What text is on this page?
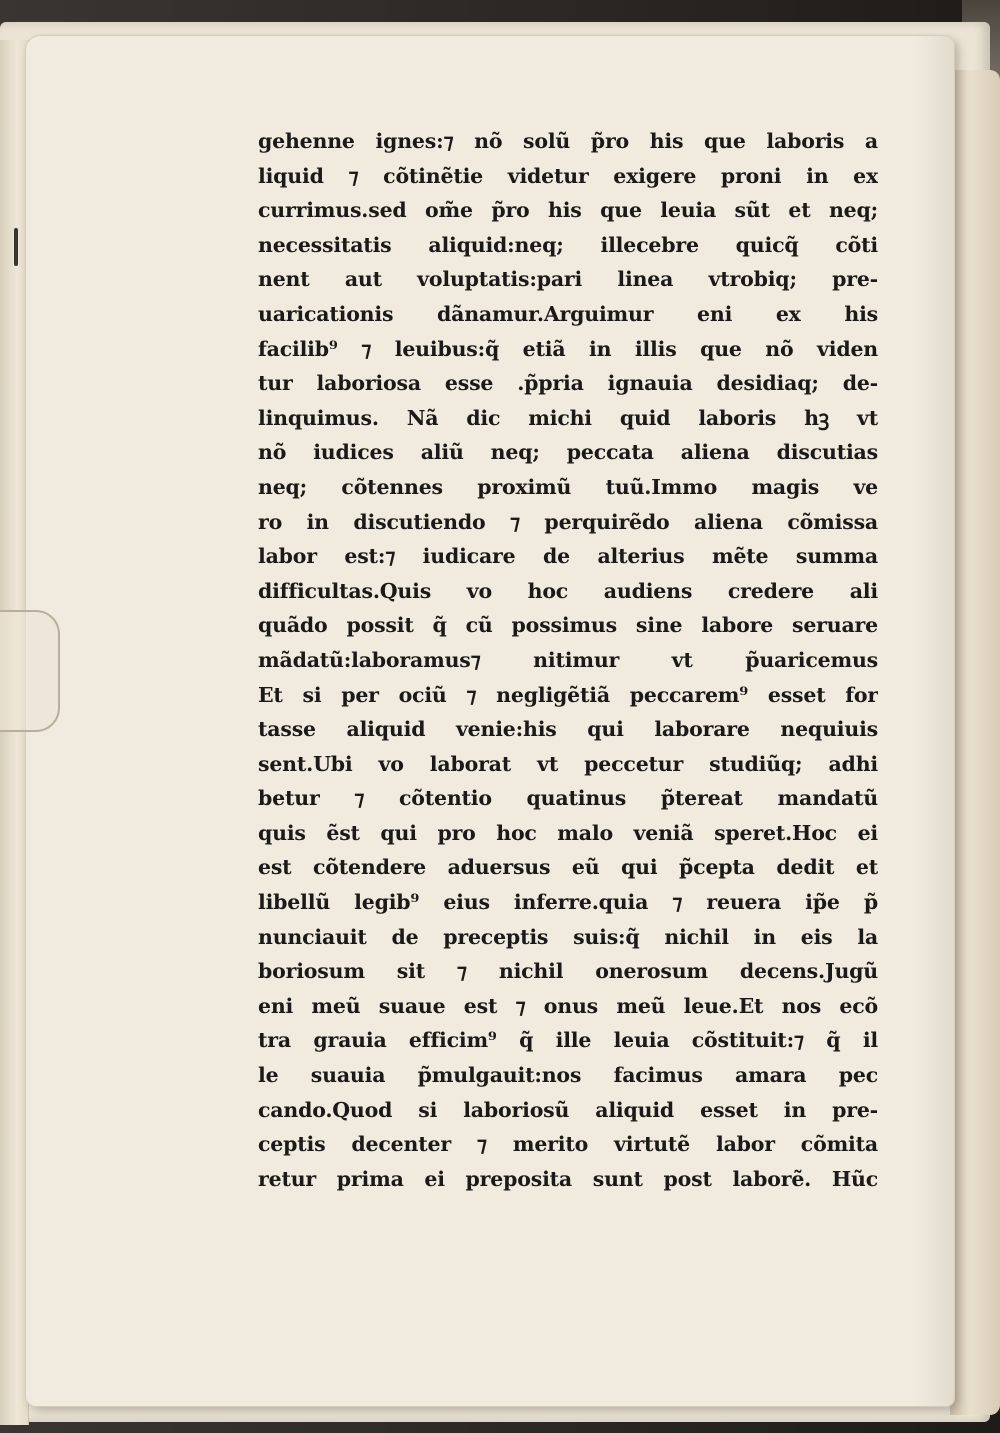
gehenne ignes:⁊ nõ solũ p̃ro his que laboris a
liquid ⁊ cõtinẽtie videtur exigere proni in ex
currimus.sed om̃e p̃ro his que leuia sũt et neq;
necessitatis aliquid:neq; illecebre quicq̃ cõti
nent aut voluptatis:pari linea vtrobiq; pre-
uaricationis dãnamur.Arguimur eni ex his
facilib⁹ ⁊ leuibus:q̃ etiã in illis que nõ viden
tur laboriosa esse .p̃pria ignauia desidiaq; de-
linquimus. Nã dic michi quid laboris hꝫ vt
nõ iudices aliũ neq; peccata aliena discutias
neq; cõtennes proximũ tuũ.Immo magis ve
ro in discutiendo ⁊ perquirẽdo aliena cõmissa
labor est:⁊ iudicare de alterius mẽte summa
difficultas.Quis vo hoc audiens credere ali
quãdo possit q̃ cũ possimus sine labore seruare
mãdatũ:laboramus⁊ nitimur vt p̃uaricemus
Et si per ociũ ⁊ negligẽtiã peccarem⁹ esset for
tasse aliquid venie:his qui laborare nequiuis
sent.Ubi vo laborat vt peccetur studiũq; adhi
betur ⁊ cõtentio quatinus p̃tereat mandatũ
quis ẽst qui pro hoc malo veniã speret.Hoc ei
est cõtendere aduersus eũ qui p̃cepta dedit et
libellũ legib⁹ eius inferre.quia ⁊ reuera ip̃e p̃
nunciauit de preceptis suis:q̃ nichil in eis la
boriosum sit ⁊ nichil onerosum decens.Jugũ
eni meũ suaue est ⁊ onus meũ leue.Et nos ecõ
tra grauia efficim⁹ q̃ ille leuia cõstituit:⁊ q̃ il
le suauia p̃mulgauit:nos facimus amara pec
cando.Quod si laboriosũ aliquid esset in pre-
ceptis decenter ⁊ merito virtutẽ labor cõmita
retur prima ei preposita sunt post laborẽ. Hũc
